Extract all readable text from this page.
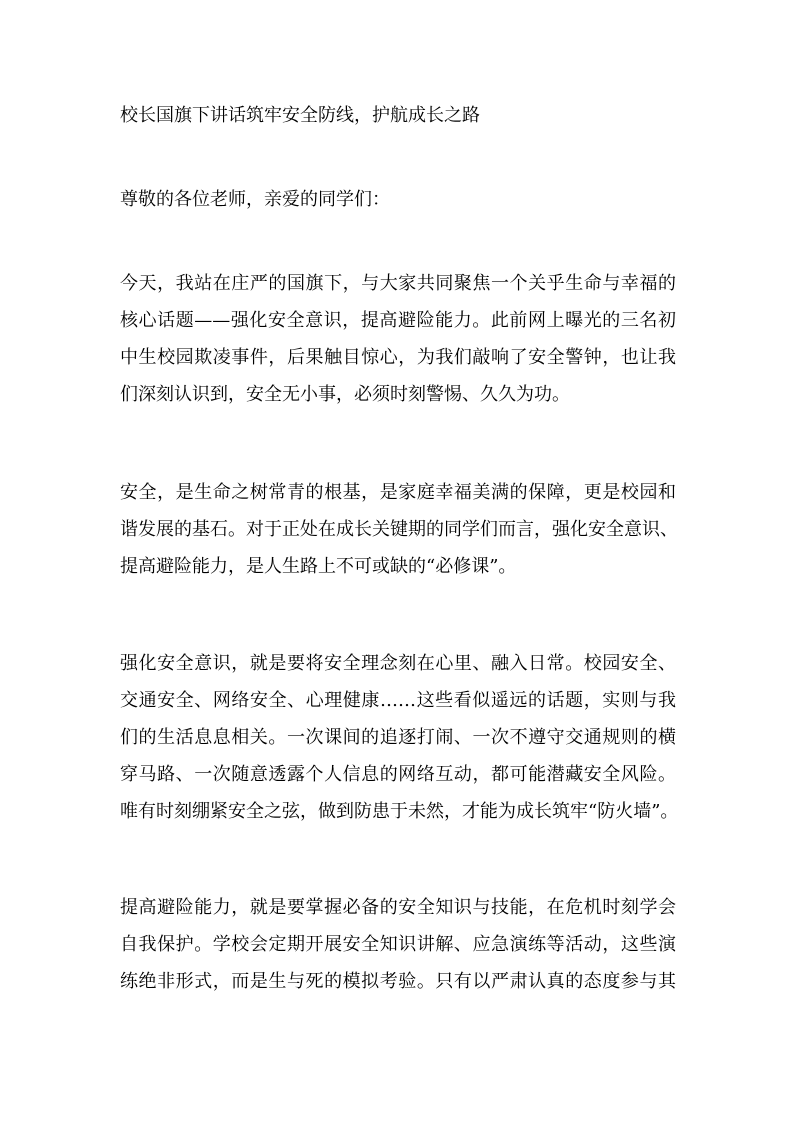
校长国旗下讲话筑牢安全防线，护航成长之路
尊敬的各位老师，亲爱的同学们：
今天，我站在庄严的国旗下，与大家共同聚焦一个关乎生命与幸福的
核心话题——强化安全意识，提高避险能力。此前网上曝光的三名初
中生校园欺凌事件，后果触目惊心，为我们敲响了安全警钟，也让我
们深刻认识到，安全无小事，必须时刻警惕、久久为功。
安全，是生命之树常青的根基，是家庭幸福美满的保障，更是校园和
谐发展的基石。对于正处在成长关键期的同学们而言，强化安全意识、
提高避险能力，是人生路上不可或缺的“必修课”。
强化安全意识，就是要将安全理念刻在心里、融入日常。校园安全、
交通安全、网络安全、心理健康……这些看似遥远的话题，实则与我
们的生活息息相关。一次课间的追逐打闹、一次不遵守交通规则的横
穿马路、一次随意透露个人信息的网络互动，都可能潜藏安全风险。
唯有时刻绷紧安全之弦，做到防患于未然，才能为成长筑牢“防火墙”。
提高避险能力，就是要掌握必备的安全知识与技能，在危机时刻学会
自我保护。学校会定期开展安全知识讲解、应急演练等活动，这些演
练绝非形式，而是生与死的模拟考验。只有以严肃认真的态度参与其
